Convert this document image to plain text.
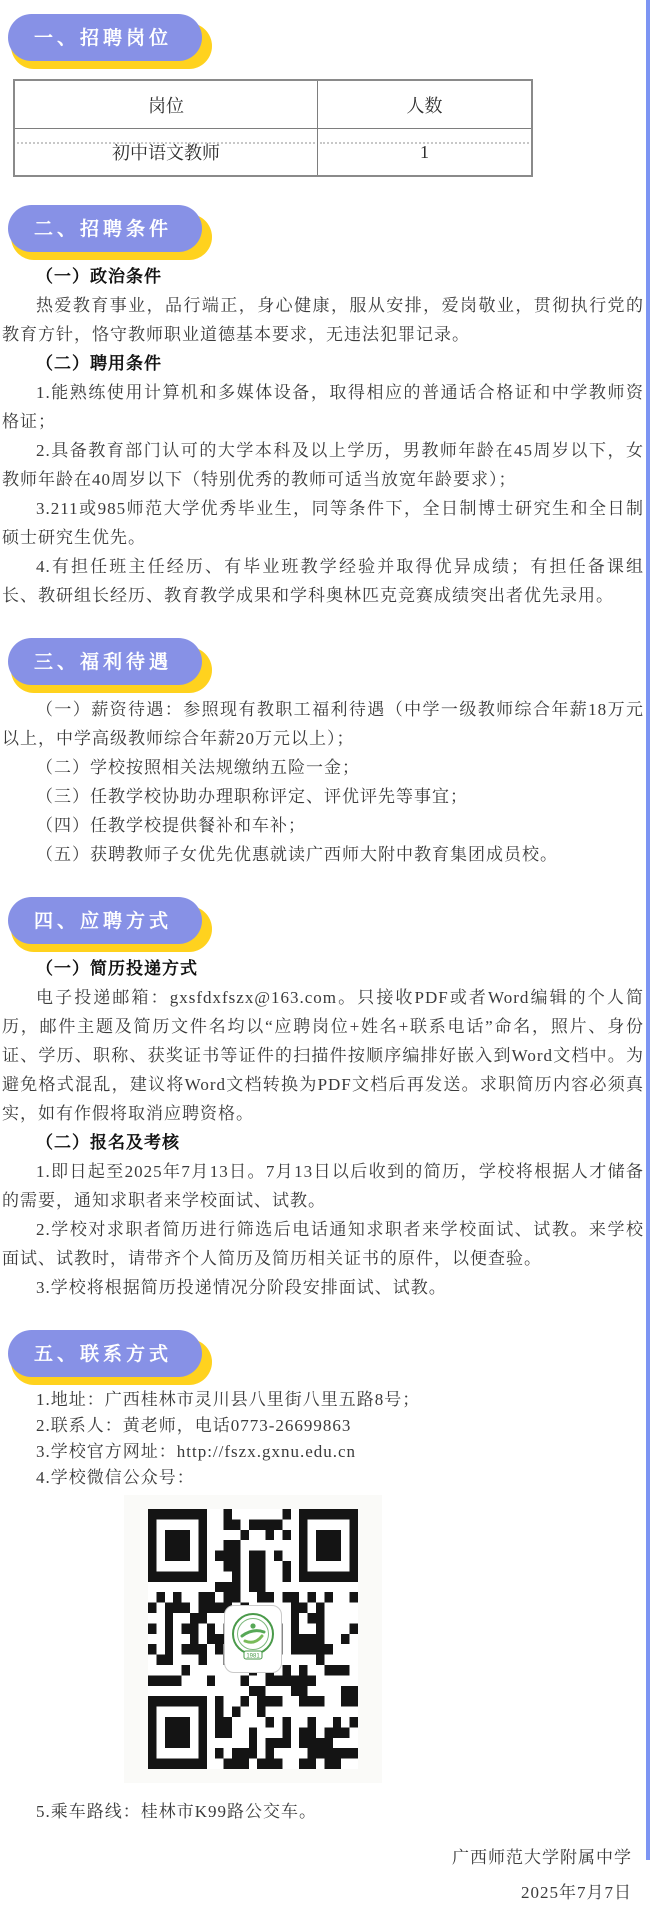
一、招聘岗位
岗位	人数
初中语文教师	1
二、招聘条件

（一）政治条件

热爱教育事业，品行端正，身心健康，服从安排，爱岗敬业，贯彻执行党的教育方针，恪守教师职业道德基本要求，无违法犯罪记录。

（二）聘用条件

1.能熟练使用计算机和多媒体设备，取得相应的普通话合格证和中学教师资格证；

2.具备教育部门认可的大学本科及以上学历，男教师年龄在45周岁以下，女教师年龄在40周岁以下（特别优秀的教师可适当放宽年龄要求）；

3.211或985师范大学优秀毕业生，同等条件下，全日制博士研究生和全日制硕士研究生优先。

4.有担任班主任经历、有毕业班教学经验并取得优异成绩；有担任备课组长、教研组长经历、教育教学成果和学科奥林匹克竞赛成绩突出者优先录用。

三、福利待遇

（一）薪资待遇：参照现有教职工福利待遇（中学一级教师综合年薪18万元以上，中学高级教师综合年薪20万元以上）；

（二）学校按照相关法规缴纳五险一金；

（三）任教学校协助办理职称评定、评优评先等事宜；

（四）任教学校提供餐补和车补；

（五）获聘教师子女优先优惠就读广西师大附中教育集团成员校。

四、应聘方式

（一）简历投递方式

电子投递邮箱：gxsfdxfszx@163.com。只接收PDF或者Word编辑的个人简历，邮件主题及简历文件名均以“应聘岗位+姓名+联系电话”命名，照片、身份证、学历、职称、获奖证书等证件的扫描件按顺序编排好嵌入到Word文档中。为避免格式混乱，建议将Word文档转换为PDF文档后再发送。求职简历内容必须真实，如有作假将取消应聘资格。

（二）报名及考核

1.即日起至2025年7月13日。7月13日以后收到的简历，学校将根据人才储备的需要，通知求职者来学校面试、试教。

2.学校对求职者简历进行筛选后电话通知求职者来学校面试、试教。来学校面试、试教时，请带齐个人简历及简历相关证书的原件，以便查验。

3.学校将根据简历投递情况分阶段安排面试、试教。

五、联系方式

1.地址：广西桂林市灵川县八里街八里五路8号；

2.联系人：黄老师，电话0773-26699863

3.学校官方网址：http://fszx.gxnu.edu.cn

4.学校微信公众号：

1981

5.乘车路线：桂林市K99路公交车。

广西师范大学附属中学

2025年7月7日
